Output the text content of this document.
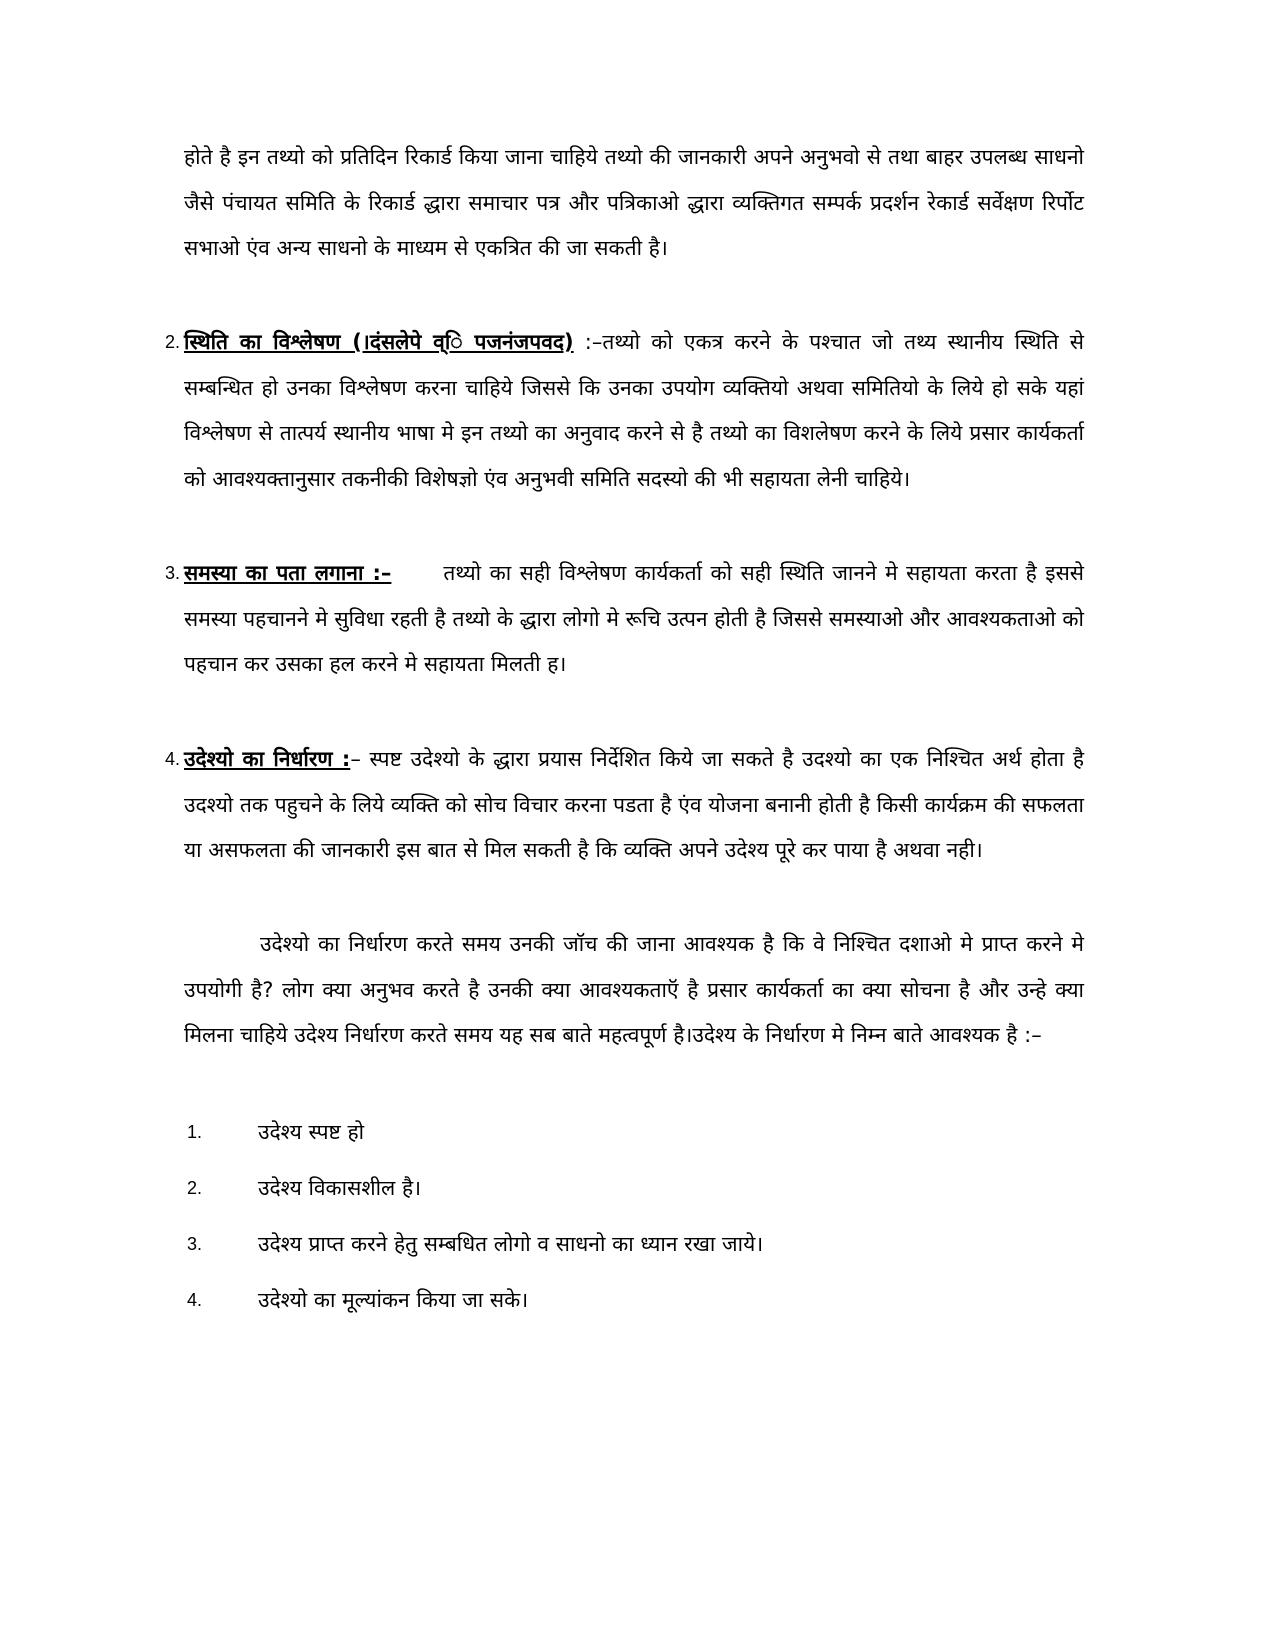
होते है इन तथ्यो को प्रतिदिन रिकार्ड किया जाना चाहिये तथ्यो की जानकारी अपने अनुभवो से तथा बाहर उपलब्ध साधनो जैसे पंचायत समिति के रिकार्ड द्धारा समाचार पत्र और पत्रिकाओ द्धारा व्यक्तिगत सम्पर्क प्रदर्शन रेकार्ड सर्वेक्षण रिर्पोट सभाओ एंव अन्य साधनो के माध्यम से एकत्रित की जा सकती है।

2. स्थिति का विश्लेषण (।दंसलेपे व्ि‍ पजनंजपवद) :–तथ्यो को एकत्र करने के पश्चात जो तथ्य स्थानीय स्थिति से सम्बन्धित हो उनका विश्लेषण करना चाहिये जिससे कि उनका उपयोग व्यक्तियो अथवा समितियो के लिये हो सके यहां विश्लेषण से तात्पर्य स्थानीय भाषा मे इन तथ्यो का अनुवाद करने से है तथ्यो का विशलेषण करने के लिये प्रसार कार्यकर्ता को आवश्यक्तानुसार तकनीकी विशेषज्ञो एंव अनुभवी समिति सदस्यो की भी सहायता लेनी चाहिये।

3. समस्या का पता लगाना :– तथ्यो का सही विश्लेषण कार्यकर्ता को सही स्थिति जानने मे सहायता करता है इससे समस्या पहचानने मे सुविधा रहती है तथ्यो के द्धारा लोगो मे रूचि उत्पन होती है जिससे समस्याओ और आवश्यकताओ को पहचान कर उसका हल करने मे सहायता मिलती ह।

4. उदेश्यो का निर्धारण :– स्पष्ट उदेश्यो के द्धारा प्रयास निर्देशित किये जा सकते है उदश्यो का एक निश्चित अर्थ होता है उदश्यो तक पहुचने के लिये व्यक्ति को सोच विचार करना पडता है एंव योजना बनानी होती है किसी कार्यक्रम की सफलता या असफलता की जानकारी इस बात से मिल सकती है कि व्यक्ति अपने उदेश्य पूरे कर पाया है अथवा नही।

उदेश्यो का निर्धारण करते समय उनकी जॉच की जाना आवश्यक है कि वे निश्चित दशाओ मे प्राप्त करने मे उपयोगी है? लोग क्या अनुभव करते है उनकी क्या आवश्यकताऍ है प्रसार कार्यकर्ता का क्या सोचना है और उन्हे क्या मिलना चाहिये उदेश्य निर्धारण करते समय यह सब बाते महत्वपूर्ण है।उदेश्य के निर्धारण मे निम्न बाते आवश्यक है :–

1.	उदेश्य स्पष्ट हो
2.	उदेश्य विकासशील है।
3.	उदेश्य प्राप्त करने हेतु सम्बधित लोगो व साधनो का ध्यान रखा जाये।
4.	उदेश्यो का मूल्यांकन किया जा सके।
